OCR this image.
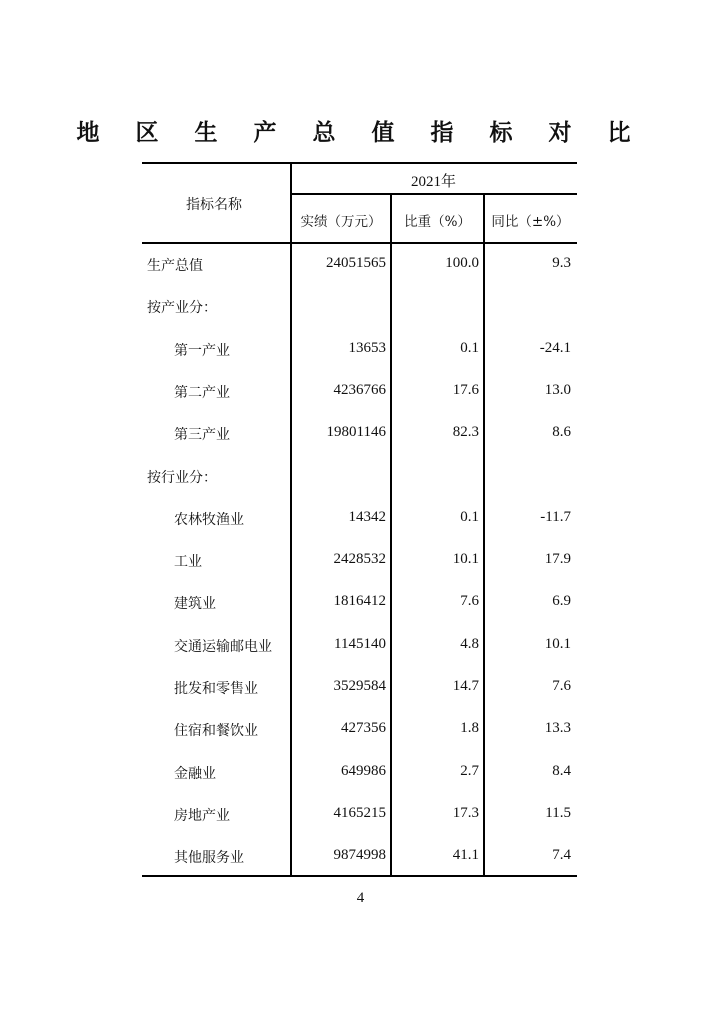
地 区 生 产 总 值 指 标 对 比
指标名称
2021年
实绩（万元）	比重（%）	同比（±%）
生产总值	24051565	100.0	9.3
按产业分：
第一产业	13653	0.1	-24.1
第二产业	4236766	17.6	13.0
第三产业	19801146	82.3	8.6
按行业分：
农林牧渔业	14342	0.1	-11.7
工业	2428532	10.1	17.9
建筑业	1816412	7.6	6.9
交通运输邮电业	1145140	4.8	10.1
批发和零售业	3529584	14.7	7.6
住宿和餐饮业	427356	1.8	13.3
金融业	649986	2.7	8.4
房地产业	4165215	17.3	11.5
其他服务业	9874998	41.1	7.4
4
